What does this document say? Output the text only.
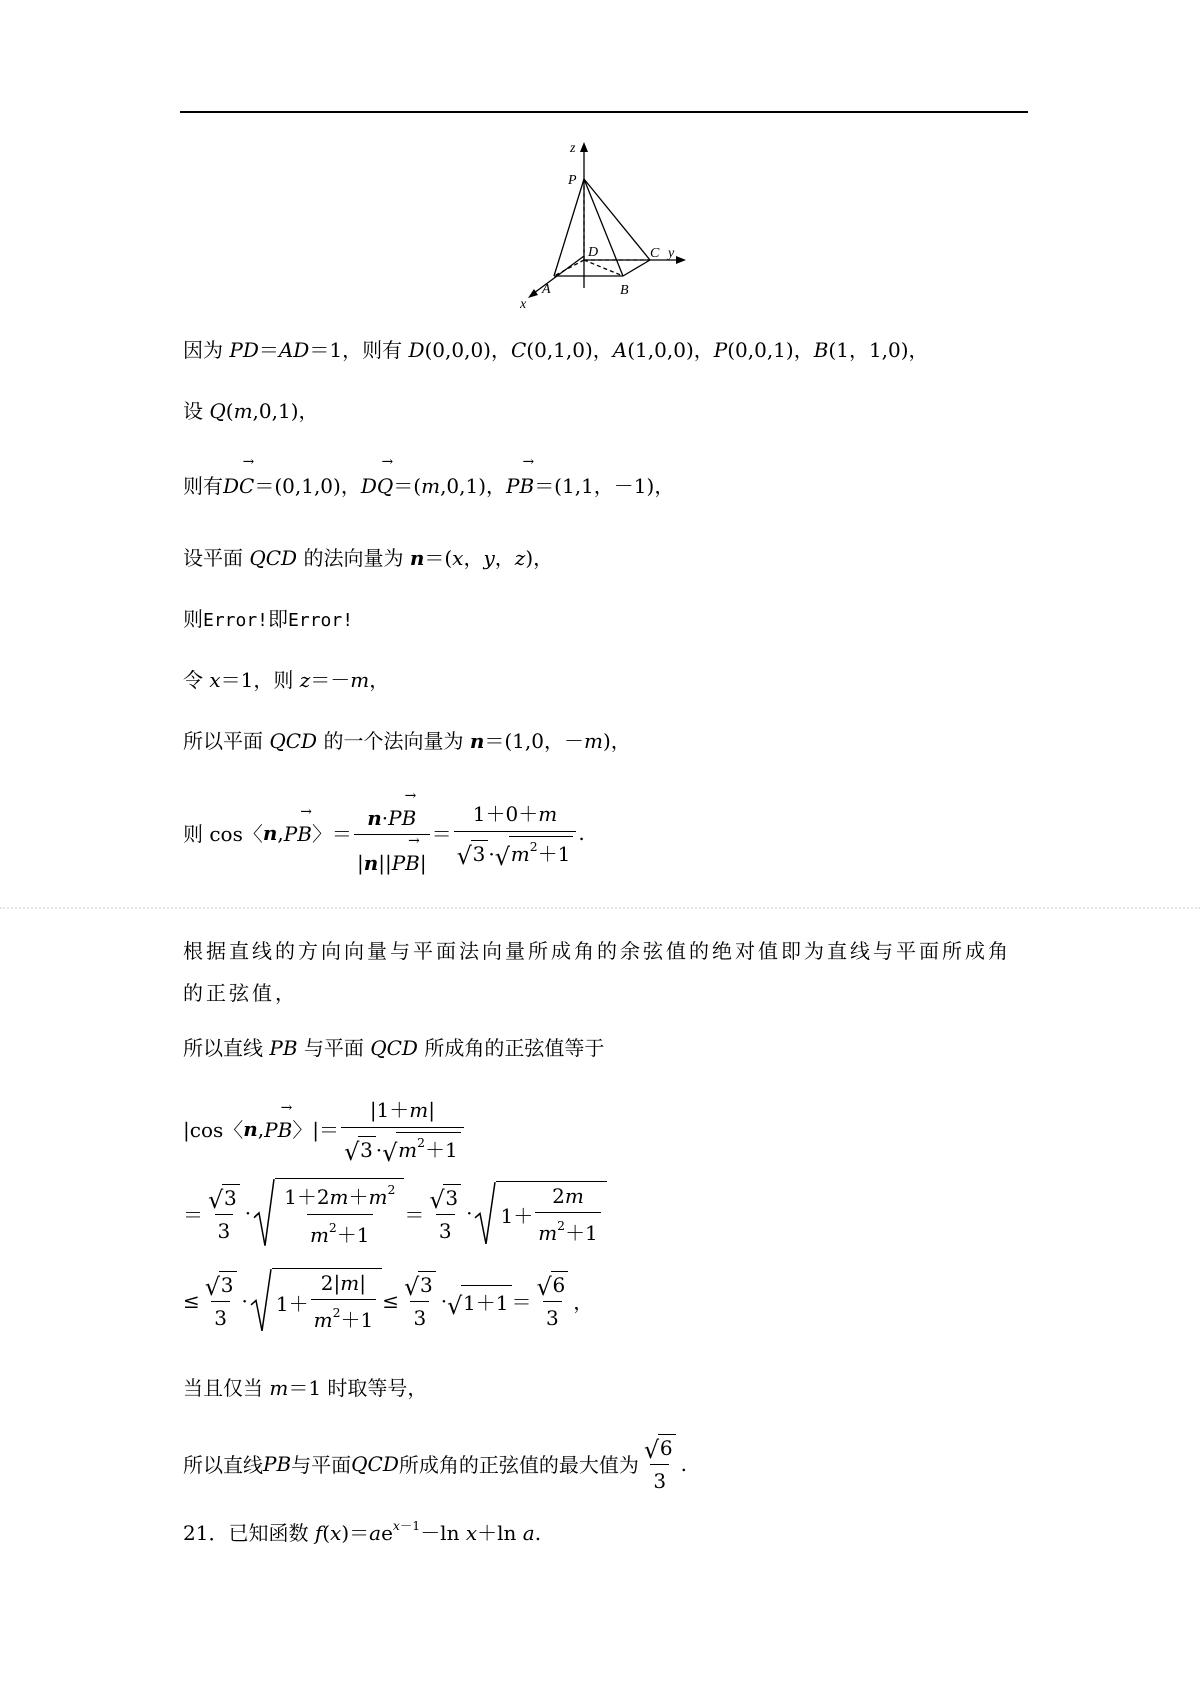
z
P
D	C y
A	B
x
因为 PD＝AD＝1，则有 D(0,0,0)，C(0,1,0)，A(1,0,0)，P(0,0,1)，B(1，1,0)，
设 Q(m,0,1)，
则有→ DC＝(0,1,0)，→ DQ＝(m,0,1)，→ PB＝(1,1，－1)，
设平面 QCD 的法向量为 n＝(x，y，z)，
则Error!即Error!
令 x＝1，则 z＝－m，
所以平面 QCD 的一个法向量为 n＝(1,0，－m)，
则 cos〈 n , → PB 〉＝ $\frac{n\cdot\to PB}{|n||\to PB|} = \frac{1+0+m}{√ 3 \cdot √ m^2+1}$ .
根据直线的方向向量与平面法向量所成角的余弦值的绝对值即为直线与平面所成角的正弦值，
所以直线 PB 与平面 QCD 所成角的正弦值等于
|cos〈 n , → PB 〉|＝ $\frac{|1+m|}{√ 3 \cdot √ m^2+1}$
＝ $\frac{√ 3}{3} \cdot \frac{1+2m+m^2}{m^2+1} = \frac{√ 3}{3} \cdot 1+ \frac{2m}{m^2+1}$
≤ $\frac{√ 3}{3} \cdot 1+ \frac{2|m|}{m^2+1} \le \frac{√ 3}{3}$ · √ $1+1 = \frac{√ 6}{3}$ ，
当且仅当 m＝1 时取等号，
所以直线 PB 与平面 QCD 所成角的正弦值的最大值为 $\frac{√ 6}{3}$ .
21．已知函数 $f(x)=ae^{x-1}-\ln$ x＋ln a.
